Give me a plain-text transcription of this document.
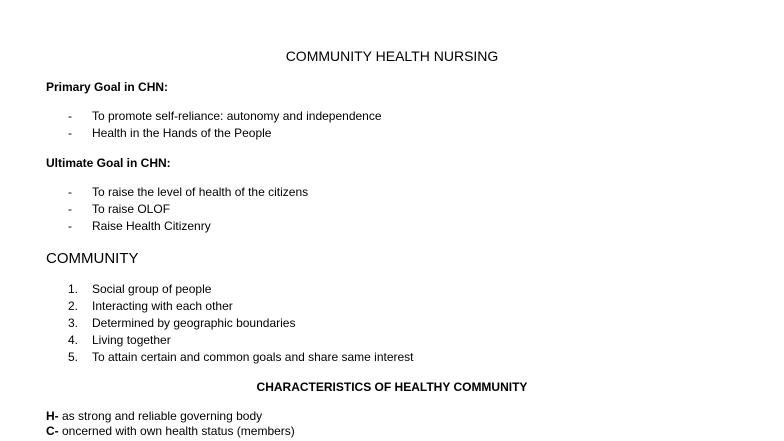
COMMUNITY HEALTH NURSING
Primary Goal in CHN:
-	To promote self-reliance: autonomy and independence
-	Health in the Hands of the People
Ultimate Goal in CHN:
-	To raise the level of health of the citizens
-	To raise OLOF
-	Raise Health Citizenry
COMMUNITY
1.	Social group of people
2.	Interacting with each other
3.	Determined by geographic boundaries
4.	Living together
5.	To attain certain and common goals and share same interest
CHARACTERISTICS OF HEALTHY COMMUNITY
H- as strong and reliable governing body
C- oncerned with own health status (members)
